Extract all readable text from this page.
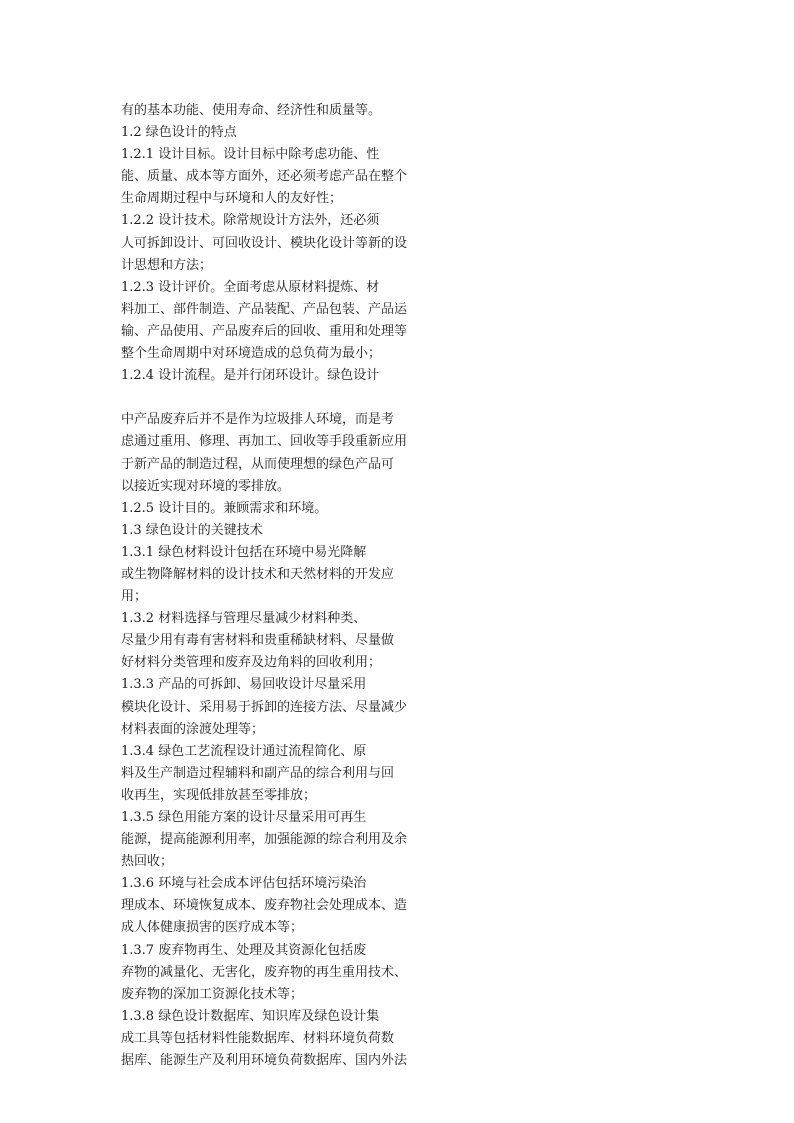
有的基本功能、使用寿命、经济性和质量等。
1.2 绿色设计的特点
1.2.1 设计目标。设计目标中除考虑功能、性
能、质量、成本等方面外，还必须考虑产品在整个
生命周期过程中与环境和人的友好性；
1.2.2 设计技术。除常规设计方法外，还必须
人可拆卸设计、可回收设计、模块化设计等新的设
计思想和方法；
1.2.3 设计评价。全面考虑从原材料提炼、材
料加工、部件制造、产品装配、产品包装、产品运
输、产品使用、产品废弃后的回收、重用和处理等
整个生命周期中对环境造成的总负荷为最小；
1.2.4 设计流程。是并行闭环设计。绿色设计
中产品废弃后并不是作为垃圾排人环境，而是考
虑通过重用、修理、再加工、回收等手段重新应用
于新产品的制造过程，从而使理想的绿色产品可
以接近实现对环境的零排放。
1.2.5 设计目的。兼顾需求和环境。
1.3 绿色设计的关键技术
1.3.1 绿色材料设计包括在环境中易光降解
或生物降解材料的设计技术和天然材料的开发应
用；
1.3.2 材料选择与管理尽量减少材料种类、
尽量少用有毒有害材料和贵重稀缺材料、尽量做
好材料分类管理和废弃及边角料的回收利用；
1.3.3 产品的可拆卸、易回收设计尽量采用
模块化设计、采用易于拆卸的连接方法、尽量减少
材料表面的涂渡处理等；
1.3.4 绿色工艺流程设计通过流程简化、原
料及生产制造过程辅料和副产品的综合利用与回
收再生，实现低排放甚至零排放；
1.3.5 绿色用能方案的设计尽量采用可再生
能源，提高能源利用率，加强能源的综合利用及余
热回收；
1.3.6 环境与社会成本评估包括环境污染治
理成本、环境恢复成本、废弃物社会处理成本、造
成人体健康损害的医疗成本等；
1.3.7 废弃物再生、处理及其资源化包括废
弃物的减量化、无害化，废弃物的再生重用技术、
废弃物的深加工资源化技术等；
1.3.8 绿色设计数据库、知识库及绿色设计集
成工具等包括材料性能数据库、材料环境负荷数
据库、能源生产及利用环境负荷数据库、国内外法
